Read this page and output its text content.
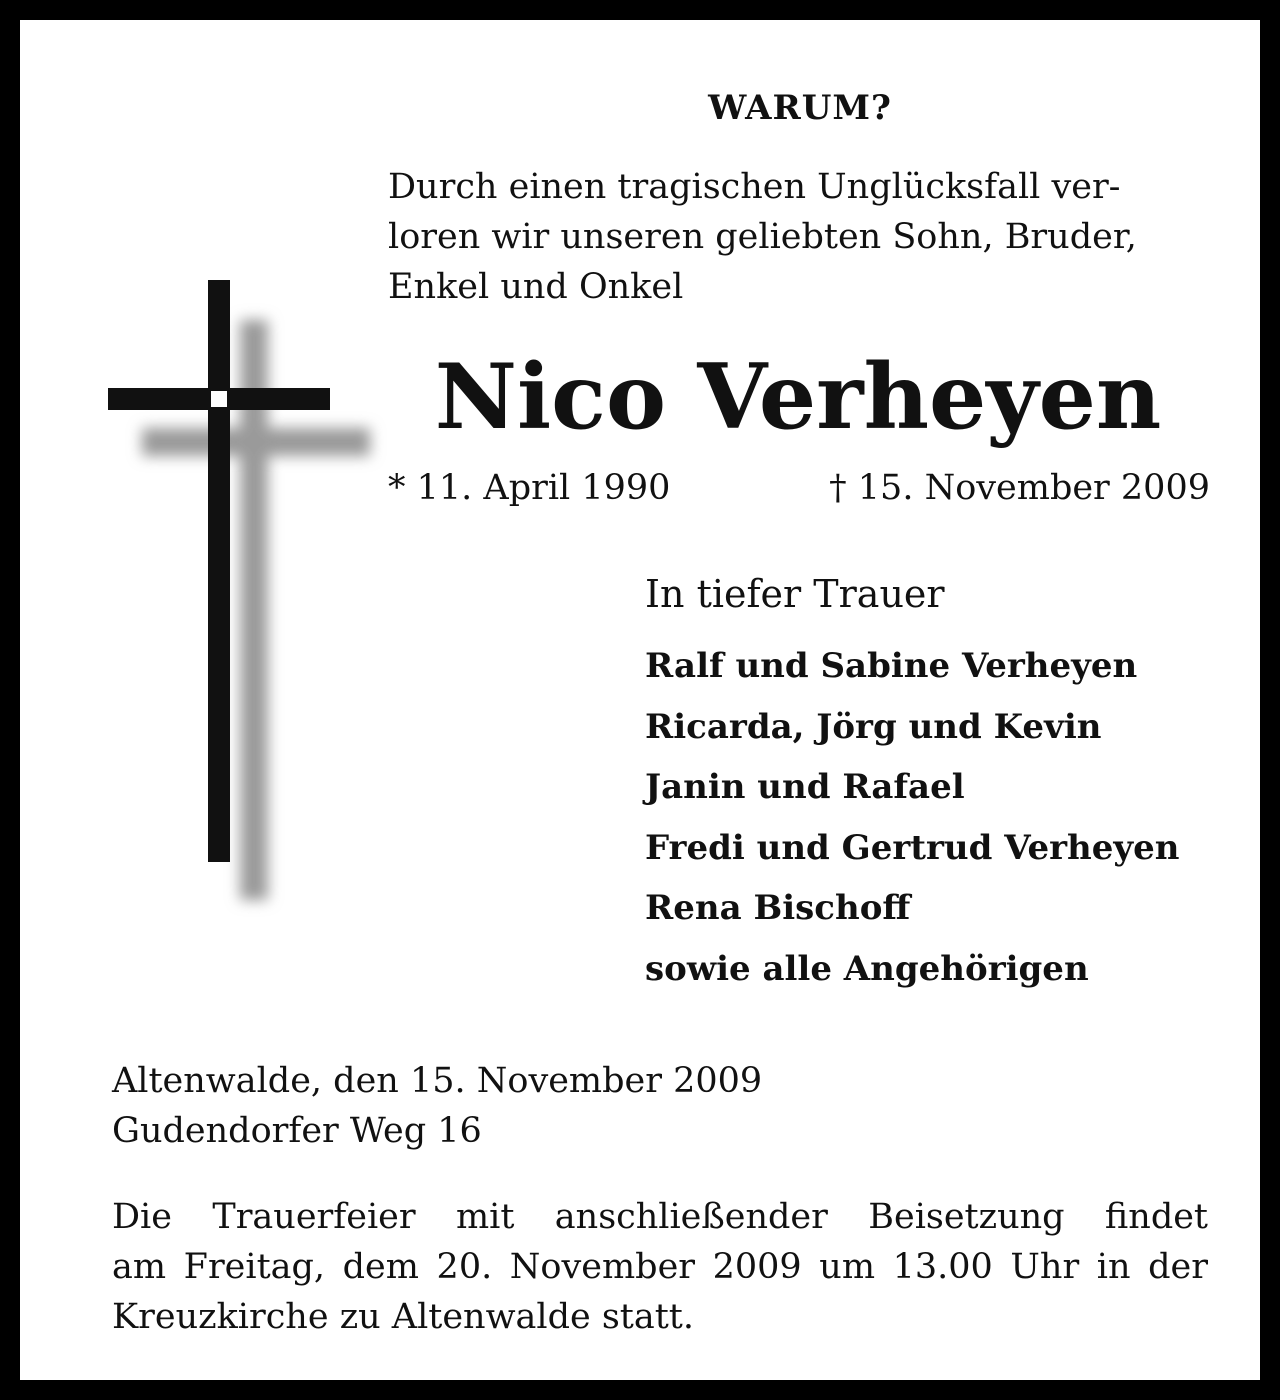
WARUM?
Durch einen tragischen Unglücksfall ver-
loren wir unseren geliebten Sohn, Bruder,
Enkel und Onkel
Nico Verheyen
* 11. April 1990	† 15. November 2009
In tiefer Trauer
Ralf und Sabine Verheyen
Ricarda, Jörg und Kevin
Janin und Rafael
Fredi und Gertrud Verheyen
Rena Bischoff
sowie alle Angehörigen
Altenwalde, den 15. November 2009
Gudendorfer Weg 16
Die Trauerfeier mit anschließender Beisetzung findet
am Freitag, dem 20. November 2009 um 13.00 Uhr in der
Kreuzkirche zu Altenwalde statt.
